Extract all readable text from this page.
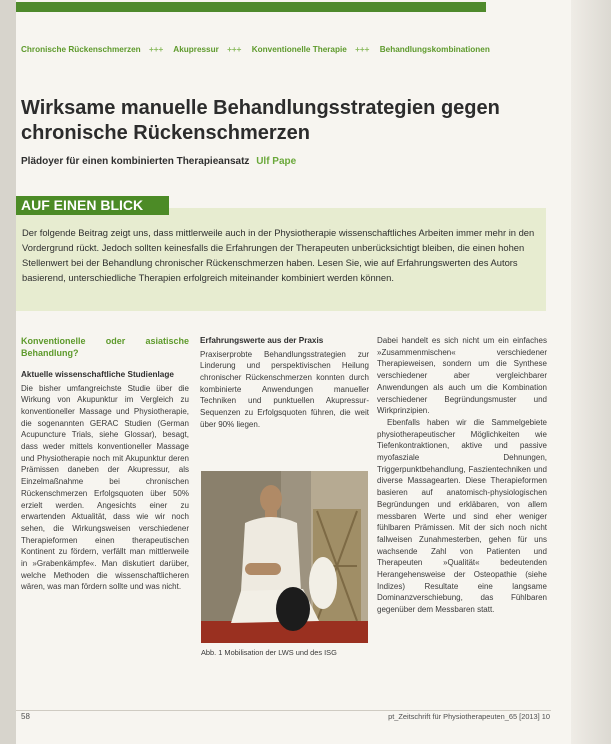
Chronische Rückenschmerzen +++ Akupressur +++ Konventionelle Therapie +++ Behandlungskombinationen
Wirksame manuelle Behandlungsstrategien gegen chronische Rückenschmerzen
Plädoyer für einen kombinierten Therapieansatz Ulf Pape
AUF EINEN BLICK
Der folgende Beitrag zeigt uns, dass mittlerweile auch in der Physiotherapie wissenschaftliches Arbeiten immer mehr in den Vordergrund rückt. Jedoch sollten keinesfalls die Erfahrungen der Therapeuten unberücksichtigt bleiben, die einen hohen Stellenwert bei der Behandlung chronischer Rückenschmerzen haben. Lesen Sie, wie auf Erfahrungswerten des Autors basierend, unterschiedliche Therapien erfolgreich miteinander kombiniert werden können.
Konventionelle oder asiatische Behandlung?
Aktuelle wissenschaftliche Studienlage

Die bisher umfangreichste Studie über die Wirkung von Akupunktur im Vergleich zu konventioneller Massage und Physiotherapie, die sogenannten GERAC Studien (German Acupuncture Trials, siehe Glossar), besagt, dass weder mittels konventioneller Massage und Physiotherapie noch mit Akupunktur deren Prämissen daneben der Akupressur, als Einzelmaßnahme bei chronischen Rückenschmerzen Erfolgsquoten über 50% erzielt werden. Angesichts einer zu erwartenden Aktualität, dass wie wir noch sehen, die Wirkungsweisen verschiedener Therapieformen einen therapeutischen Kontinent zu fördern, verfällt man mittlerweile in »Grabenkämpfe«. Man diskutiert darüber, welche Methoden die wissenschaftlicheren wären, was man fördern sollte und was nicht.

Erfahrungswerte aus der Praxis

Praxiserprobte Behandlungsstrategien zur Linderung und perspektivischen Heilung chronischer Rückenschmerzen konnten durch kombinierte Anwendungen manueller Techniken und punktuellen Akupressur-Sequenzen zu Erfolgsquoten führen, die weit über 90% liegen.

Abb. 1 Mobilisation der LWS und des ISG

Dabei handelt es sich nicht um ein einfaches »Zusammenmischen« verschiedener Therapieweisen, sondern um die Synthese verschiedener aber vergleichbarer Anwendungen als auch um die Kombination verschiedener Begründungsmuster und Wirkprinzipien.

Ebenfalls haben wir die Sammelgebiete physiotherapeutischer Möglichkeiten wie Tiefenkontraktionen, aktive und passive myofasziale Dehnungen, Triggerpunktbehandlung, Faszientechniken und diverse Massagearten. Diese Therapieformen basieren auf anatomisch-physiologischen Begründungen und erkläbaren, von allem messbaren Werte und sind eher weniger fühlbaren Prämissen. Mit der sich noch nicht fallweisen Zunahmesterben, gehen für uns wachsende Zahl von Patienten und Therapeuten »Qualität« bedeutenden Herangehensweise der Osteopathie (siehe Indizes) Resultate eine langsame Dominanzverschiebung, das Fühlbaren gegenüber dem Messbaren statt.

58	pt_Zeitschrift für Physiotherapeuten_65 [2013] 10
